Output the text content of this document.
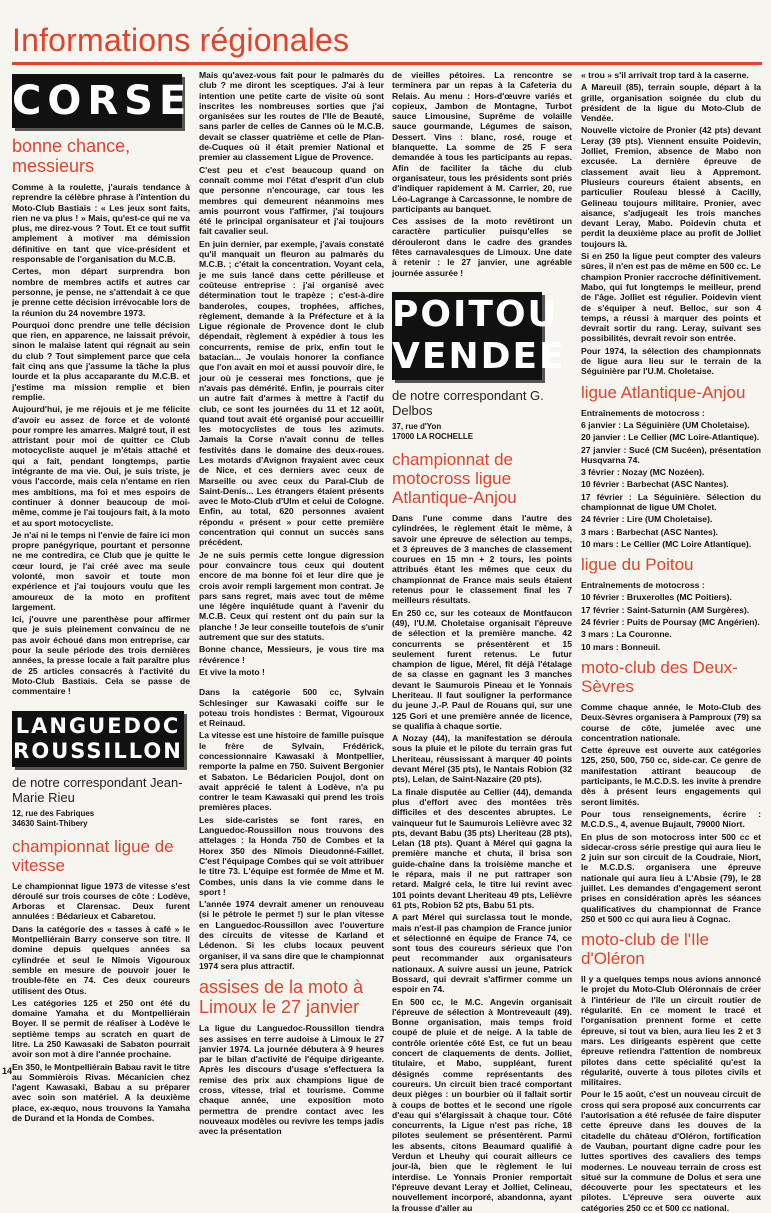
Informations régionales
CORSE
bonne chance, messieurs

Comme à la roulette, j'aurais tendance à reprendre la célèbre phrase à l'intention du Moto-Club Bastiais : « Les jeux sont faits, rien ne va plus ! » Mais, qu'est-ce qui ne va plus, me direz-vous ? Tout. Et ce tout suffit amplement à motiver ma démission définitive en tant que vice-président et responsable de l'organisation du M.C.B.

Certes, mon départ surprendra bon nombre de membres actifs et autres car personne, je pense, ne s'attendait à ce que je prenne cette décision irrévocable lors de la réunion du 24 novembre 1973.

Pourquoi donc prendre une telle décision que rien, en apparence, ne laissait prévoir, sinon le malaise latent qui régnait au sein du club ? Tout simplement parce que cela fait cinq ans que j'assume la tâche la plus lourde et la plus accaparante du M.C.B. et j'estime ma mission remplie et bien remplie.

Aujourd'hui, je me réjouis et je me félicite d'avoir eu assez de force et de volonté pour rompre les amarres. Malgré tout, il est attristant pour moi de quitter ce Club motocycliste auquel je m'étais attaché et qui a fait, pendant longtemps, partie intégrante de ma vie. Oui, je suis triste, je vous l'accorde, mais cela n'entame en rien mes ambitions, ma foi et mes espoirs de continuer à donner beaucoup de moi-même, comme je l'ai toujours fait, à la moto et au sport motocycliste.

Je n'ai ni le temps ni l'envie de faire ici mon propre panégyrique, pourtant et personne ne me contredira, ce Club que je quitte le cœur lourd, je l'ai créé avec ma seule volonté, mon savoir et toute mon expérience et j'ai toujours voulu que les amoureux de la moto en profitent largement.

Ici, j'ouvre une parenthèse pour affirmer que je suis pleinement convaincu de ne pas avoir échoué dans mon entreprise, car pour la seule période des trois dernières années, la presse locale a fait paraître plus de 25 articles consacrés à l'activité du Moto-Club Bastiais. Cela se passe de commentaire !

LANGUEDOC
ROUSSILLON
de notre correspondant Jean-Marie Rieu
12, rue des Fabriques
34630 Saint-Thibery
championnat ligue de vitesse

Le championnat ligue 1973 de vitesse s'est déroulé sur trois courses de côte : Lodève, Arboras et Clarensac. Deux furent annulées : Bédarieux et Cabaretou.

Dans la catégorie des « tasses à café » le Montpelliérain Barry conserve son titre. Il domine depuis quelques années sa cylindrée et seul le Nîmois Vigouroux semble en mesure de pouvoir jouer le trouble-fête en 74. Ces deux coureurs utilisent des Otus.

Les catégories 125 et 250 ont été du domaine Yamaha et du Montpelliérain Boyer. Il se permit de réaliser à Lodève le septième temps au scratch en quart de litre. La 250 Kawasaki de Sabaton pourrait avoir son mot à dire l'année prochaine.

En 350, le Montpelliérain Babau ravit le titre au Sommièrois Rivas. Mécanicien chez l'agent Kawasaki, Babau a su préparer avec soin son matériel. A la deuxième place, ex-æquo, nous trouvons la Yamaha de Durand et la Honda de Combes.

Mais qu'avez-vous fait pour le palmarès du club ? me diront les sceptiques. J'ai à leur intention une petite carte de visite où sont inscrites les nombreuses sorties que j'ai organisées sur les routes de l'Ile de Beauté, sans parler de celles de Cannes où le M.C.B. devait se classer quatrième et celle de Plan-de-Cuques où il était premier National et premier au classement Ligue de Provence.

C'est peu et c'est beaucoup quand on connaît comme moi l'état d'esprit d'un club que personne n'encourage, car tous les membres qui demeurent néanmoins mes amis pourront vous l'affirmer, j'ai toujours été le principal organisateur et j'ai toujours fait cavalier seul.

En juin dernier, par exemple, j'avais constaté qu'il manquait un fleuron au palmarès du M.C.B. ; c'était la concentration. Voyant cela, je me suis lancé dans cette périlleuse et coûteuse entreprise : j'ai organisé avec détermination tout le trapèze ; c'est-à-dire banderoles, coupes, trophées, affiches, règlement, demande à la Préfecture et à la Ligue régionale de Provence dont le club dépendait, règlement à expédier à tous les concurrents, remise de prix, enfin tout le batacian... Je voulais honorer la confiance que l'on avait en moi et aussi pouvoir dire, le jour où je cesserai mes fonctions, que je n'avais pas démérité. Enfin, je pourrais citer un autre fait d'armes à mettre à l'actif du club, ce sont les journées du 11 et 12 août, quand tout avait été organisé pour accueillir les motocyclistes de tous les azimuts. Jamais la Corse n'avait connu de telles festivités dans le domaine des deux-roues. Les motards d'Avignon frayaient avec ceux de Nice, et ces derniers avec ceux de Marseille ou avec ceux du Paral-Club de Saint-Denis... Les étrangers étaient présents avec le Moto-Club d'Ulm et celui de Cologne. Enfin, au total, 620 personnes avaient répondu « présent » pour cette première concentration qui connut un succès sans précédent.

Je ne suis permis cette longue digression pour convaincre tous ceux qui doutent encore de ma bonne foi et leur dire que je crois avoir rempli largement mon contrat. Je pars sans regret, mais avec tout de même une légère inquiétude quant à l'avenir du M.C.B. Ceux qui restent ont du pain sur la planche ! Je leur conseille toutefois de s'unir autrement que sur des statuts.

Bonne chance, Messieurs, je vous tire ma révérence !

Et vive la moto !

Dans la catégorie 500 cc, Sylvain Schlesinger sur Kawasaki coiffe sur le poteau trois hondistes : Bermat, Vigouroux et Reinaud.

La vitesse est une histoire de famille puisque le frère de Sylvain, Frédérick, concessionnaire Kawasaki à Montpellier, remporte la palme en 750. Suivent Bergonier et Sabaton. Le Bédaricien Poujol, dont on avait apprécié le talent à Lodève, n'a pu contrer le team Kawasaki qui prend les trois premières places.

Les side-caristes se font rares, en Languedoc-Roussillon nous trouvons des attelages : la Honda 750 de Combes et la Horex 350 des Nîmois Dieudonné-Faillet. C'est l'équipage Combes qui se voit attribuer le titre 73. L'équipe est formée de Mme et M. Combes, unis dans la vie comme dans le sport !

L'année 1974 devrait amener un renouveau (si le pétrole le permet !) sur le plan vitesse en Languedoc-Roussillon avec l'ouverture des circuits de vitesse de Karland et Lédenon. Si les clubs locaux peuvent organiser, il va sans dire que le championnat 1974 sera plus attractif.

assises de la moto à Limoux le 27 janvier

La ligue du Languedoc-Roussillon tiendra ses assises en terre audoise à Limoux le 27 janvier 1974. La journée débutera à 9 heures par le bilan d'activité de l'équipe dirigeante. Après les discours d'usage s'effectuera la remise des prix aux champions ligue de cross, vitesse, trial et tourisme. Comme chaque année, une exposition moto permettra de prendre contact avec les nouveaux modèles ou revivre les temps jadis avec la présentation

de vieilles pétoires. La rencontre se terminera par un repas à la Cafeteria du Relais. Au menu : Hors-d'œuvre variés et copieux, Jambon de Montagne, Turbot sauce Limousine, Suprême de volaille sauce gourmande, Légumes de saison, Dessert. Vins : blanc, rosé, rouge et blanquette. La somme de 25 F sera demandée à tous les participants au repas. Afin de faciliter la tâche du club organisateur, tous les présidents sont priés d'indiquer rapidement à M. Carrier, 20, rue Léo-Lagrange à Carcassonne, le nombre de participants au banquet.

Ces assises de la moto revêtiront un caractère particulier puisqu'elles se dérouleront dans le cadre des grandes fêtes carnavalesques de Limoux. Une date à retenir : le 27 janvier, une agréable journée assurée !

POITOU
VENDEE
de notre correspondant G. Delbos
37, rue d'Yon
17000 LA ROCHELLE
championnat de motocross ligue Atlantique-Anjou

Dans l'une comme dans l'autre des cylindrées, le règlement était le même, à savoir une épreuve de sélection au temps, et 3 épreuves de 3 manches de classement courues en 15 mn + 2 tours, les points attribués étant les mêmes que ceux du championnat de France mais seuls étaient retenus pour le classement final les 7 meilleurs résultats.

En 250 cc, sur les coteaux de Montfaucon (49), l'U.M. Choletaise organisait l'épreuve de sélection et la première manche. 42 concurrents se présentèrent et 15 seulement furent retenus. Le futur champion de ligue, Mérel, fit déjà l'étalage de sa classe en gagnant les 3 manches devant le Saumurois Pineau et le Yonnais Lheriteau. Il faut souligner la performance du jeune J.-P. Paul de Rouans qui, sur une 125 Gori et une première année de licence, se qualifia à chaque sortie.

A Nozay (44), la manifestation se déroula sous la pluie et le pilote du terrain gras fut Lheriteau, réussissant à marquer 40 points devant Mérel (35 pts), le Nantais Robion (32 pts), Lelan, de Saint-Nazaire (20 pts).

La finale disputée au Cellier (44), demanda plus d'effort avec des montées très difficiles et des descentes abruptes. Le vainqueur fut le Saumurois Lelièvre avec 32 pts, devant Babu (35 pts) Lheriteau (28 pts), Lelan (18 pts). Quant à Mérel qui gagna la première manche et chuta, il brisa son guide-chaîne dans la troisième manche et le répara, mais il ne put rattraper son retard. Malgré cela, le titre lui revint avec 101 points devant Lheriteau 49 pts, Lelièvre 61 pts, Robion 52 pts, Babu 51 pts.

A part Mérel qui surclassa tout le monde, mais n'est-il pas champion de France junior et sélectionné en équipe de France 74, ce sont tous des coureurs sérieux que l'on peut recommander aux organisateurs nationaux. A suivre aussi un jeune, Patrick Bossard, qui devrait s'affirmer comme un espoir en 74.

En 500 cc, le M.C. Angevin organisait l'épreuve de sélection à Montreveault (49). Bonne organisation, mais temps froid coupé de pluie et de neige. A la table de contrôle orientée côté Est, ce fut un beau concert de claquements de dents. Jolliet, titulaire, et Mabo, suppléant, furent désignés comme représentants des coureurs. Un circuit bien tracé comportant deux pièges : un bourbier où il fallait sortir à coups de bottes et le second une rigole d'eau qui s'élargissait à chaque tour. Côté concurrents, la Ligue n'est pas riche, 18 pilotes seulement se présentèrent. Parmi les absents, citons Beaumard qualifié à Verdun et Lheuhy qui courait ailleurs ce jour-là, bien que le règlement le lui interdise. Le Yonnais Pronier remportait l'épreuve devant Leray et Jolliet, Celineau, nouvellement incorporé, abandonna, ayant la frousse d'aller au

« trou » s'il arrivait trop tard à la caserne.

A Mareuil (85), terrain souple, départ à la grille, organisation soignée du club du président de la ligue du Moto-Club de Vendée.

Nouvelle victoire de Pronier (42 pts) devant Leray (39 pts). Viennent ensuite Poidevin, Jolliet, Fremion, absence de Mabo non excusée. La dernière épreuve de classement avait lieu à Appremont. Plusieurs coureurs étaient absents, en particulier Rouleau blessé à Cacilly, Gelineau toujours militaire. Pronier, avec aisance, s'adjugeait les trois manches devant Leray, Mabo. Poidevin chuta et perdit la deuxième place au profit de Jolliet toujours là.

Si en 250 la ligue peut compter des valeurs sûres, il n'en est pas de même en 500 cc. Le champion Pronier raccroche définitivement. Mabo, qui fut longtemps le meilleur, prend de l'âge. Jolliet est régulier. Poidevin vient de s'équiper à neuf. Belloc, sur son 4 temps, a réussi à marquer des points et devrait sortir du rang. Leray, suivant ses possibilités, devrait revoir son entrée.

Pour 1974, la sélection des championnats de ligue aura lieu sur le terrain de la Séguinière par l'U.M. Choletaise.

ligue Atlantique-Anjou

Entraînements de motocross :

6 janvier : La Séguinière (UM Choletaise).

20 janvier : Le Cellier (MC Loire-Atlantique).

27 janvier : Sucé (CM Sucéen), présentation Husqvarna 74.

3 février : Nozay (MC Nozéen).

10 février : Barbechat (ASC Nantes).

17 février : La Séguinière. Sélection du championnat de ligue UM Cholet.

24 février : Lire (UM Choletaise).

3 mars : Barbechat (ASC Nantes).

10 mars : Le Cellier (MC Loire Atlantique).

ligue du Poitou

Entraînements de motocross :

10 février : Bruxerolles (MC Poitiers).

17 février : Saint-Saturnin (AM Surgères).

24 février : Puits de Poursay (MC Angérien).

3 mars : La Couronne.

10 mars : Bonneuil.

moto-club des Deux-Sèvres

Comme chaque année, le Moto-Club des Deux-Sèvres organisera à Pamproux (79) sa course de côte, jumelée avec une concentration nationale.

Cette épreuve est ouverte aux catégories 125, 250, 500, 750 cc, side-car. Ce genre de manifestation attirant beaucoup de participants, le M.C.D.S. les invite à prendre dès à présent leurs engagements qui seront limités.

Pour tous renseignements, écrire : M.C.D.S., 4, avenue Bujault, 79000 Niort.

En plus de son motocross inter 500 cc et sidecar-cross série prestige qui aura lieu le 2 juin sur son circuit de la Coudraie, Niort, le M.C.D.S. organisera une épreuve nationale qui aura lieu à L'Absie (79), le 28 juillet. Les demandes d'engagement seront prises en considération après les séances qualificatives du championnat de France 250 et 500 cc qui aura lieu à Cognac.

moto-club de l'Ile d'Oléron

Il y a quelques temps nous avions annoncé le projet du Moto-Club Oléronnais de créer à l'intérieur de l'île un circuit routier de régularité. En ce moment le tracé et l'organisation prennent forme et cette épreuve, si tout va bien, aura lieu les 2 et 3 mars. Les dirigeants espèrent que cette épreuve retiendra l'attention de nombreux pilotes dans cette spécialité qu'est la régularité, ouverte à tous pilotes civils et militaires.

Pour le 15 août, c'est un nouveau circuit de cross qui sera proposé aux concurrents car l'autorisation a été refusée de faire disputer cette épreuve dans les douves de la citadelle du château d'Oléron, fortification de Vauban, pourtant digne cadre pour les luttes sportives des cavaliers des temps modernes. Le nouveau terrain de cross est situé sur la commune de Dolus et sera une découverte pour les spectateurs et les pilotes. L'épreuve sera ouverte aux catégories 250 cc et 500 cc national.

14
